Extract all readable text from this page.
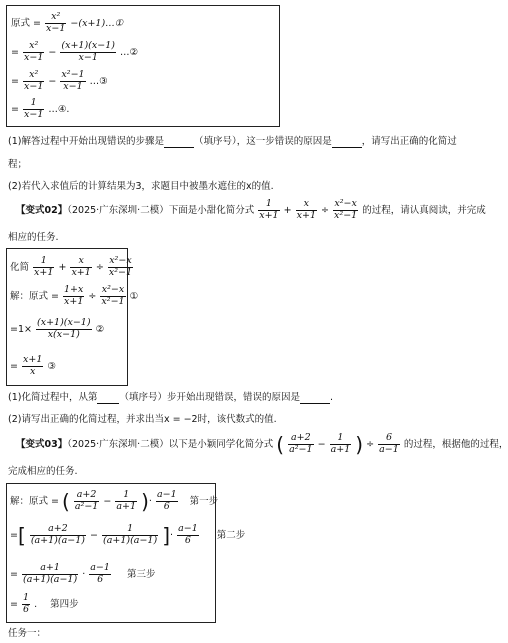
原式 = $\frac{\text{x²}}{x-1}$ −(x+1)…①
= $\frac{\text{x²}}{x-1} - \frac{(x+1)(x-1)}{x-1}$ …②
= $\frac{\text{x²}}{x-1} - \frac{\text{x²−1}}{x-1}$ …③
= $\frac{1}{x-1}$ …④.
(1)解答过程中开始出现错误的步骤是	（填序号），这一步错误的原因是	，请写出正确的化简过
程；
(2)若代入求值后的计算结果为3，求题目中被墨水遮住的x的值.
【变式02】（2025·广东深圳·二模）下面是小甜化简分式 $\frac{1}{x+1} + \frac{x}{x+1} \div \frac{\text{x²−x}}{\text{x²−1}}$ 的过程，请认真阅读，并完成
相应的任务.
化简 $\frac{1}{x+1} + \frac{x}{x+1} \div \frac{\text{x²−x}}{\text{x²−1}}$
解：原式 = $\frac{1+x}{x+1} \div \frac{\text{x²−x}}{\text{x²−1}}$ ①
$=1\times \frac{(x+1)(x-1)}{x(x-1)}$ ②
= $\frac{x+1}{x}$ ③
(1)化简过程中，从第 （填序号）步开始出现错误，错误的原因是	.
(2)请写出正确的化简过程，并求出当x = −2时，该代数式的值.
【变式03】（2025·广东深圳·二模）以下是小颖同学化简分式 ( $\frac{a+2}{\text{a²−1}} - \frac{1}{a+1}$ ) ÷ $\frac{6}{a-1}$ 的过程，根据他的过程，
完成相应的任务.
解：原式 = ( $\frac{a+2}{\text{a²−1}} - \frac{1}{a+1}$ )· $\frac{a-1}{6}$ 第一步
=[ $\frac{a+2}{(a+1)(a-1)} - \frac{1}{(a+1)(a-1)}$ ]· $\frac{a-1}{6}$ 第二步
= $\frac{a+1}{(a+1)(a-1)} \cdot \frac{a-1}{6}$ 第三步
= $\frac{1}{6}$ . 第四步
任务一：
